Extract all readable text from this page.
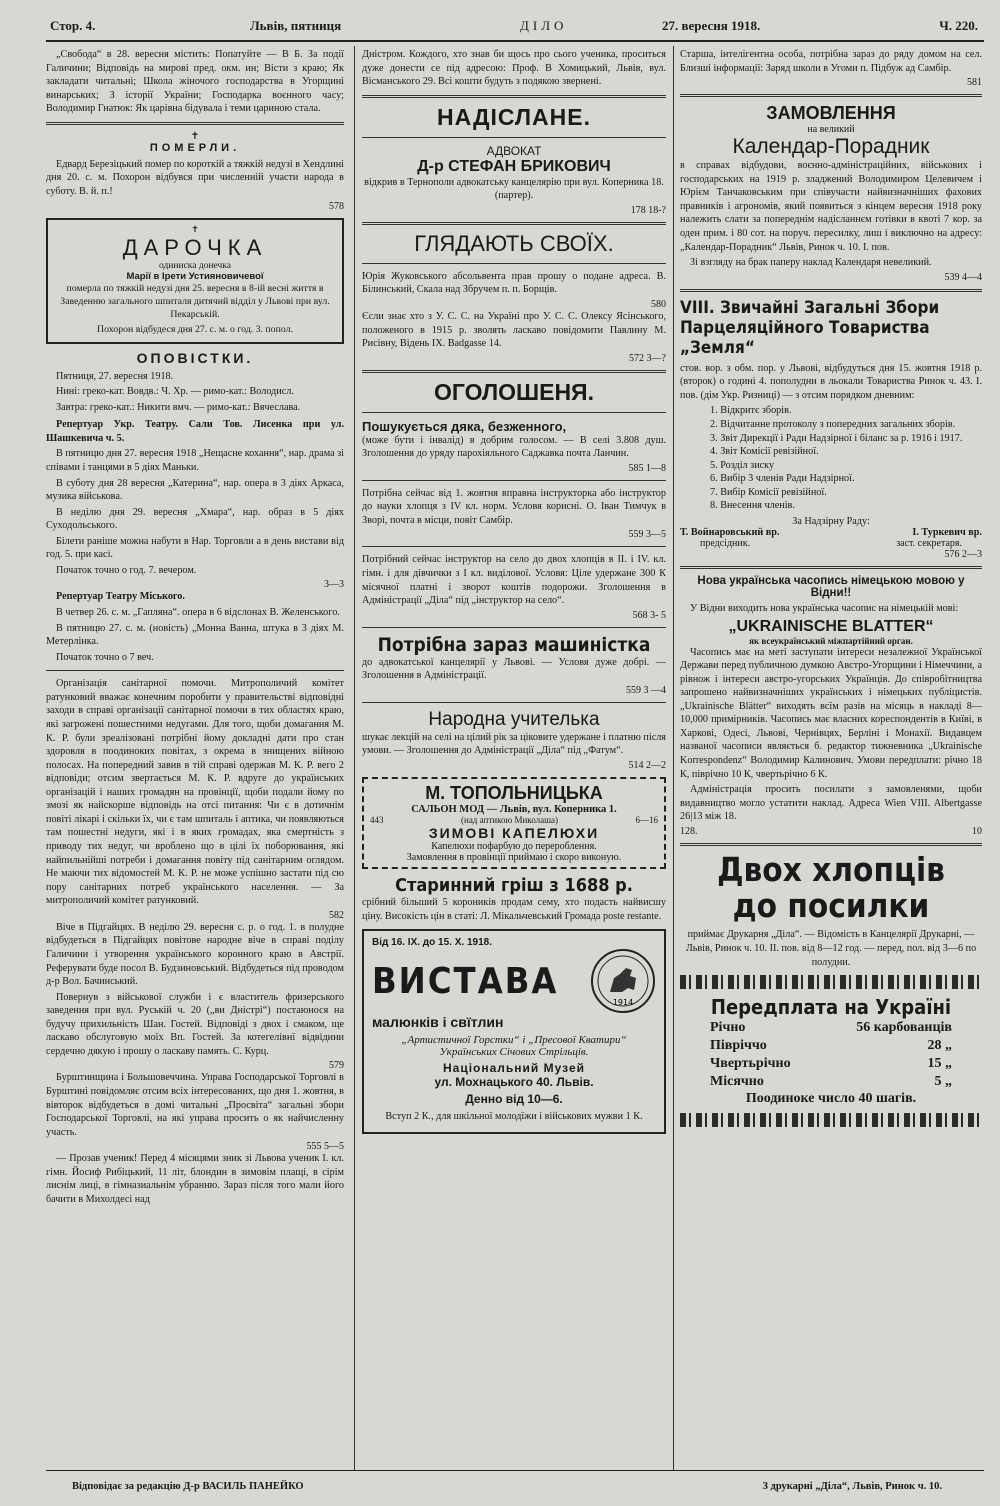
Стор. 4.	Львів, пятниця	ДІЛО	27. вересня 1918.	Ч. 220.

„Свобода“ в 28. вересня містить: Попатуйте — В Б. За події Галичини; Відповідь на мирові пред. окм. ин; Вісти з краю; Як закладати читальні; Школа жіночого господарства в Угорщині винарських; З історії України; Господарка воєнного часу; Володимир Гнатюк: Як царівна бідувала і теми цариною стала.

✝
ПОМЕРЛИ.

Едвард Березіцький помер по короткій а тяжкій недузі в Хендлині дня 20. с. м. Похорон відбувся при численній участи народа в суботу. В. й. п.!

578
✝
ДАРОЧКА
одиниска донечка
Марії в Ірети Устияновичевої

померла по тяжкій недузі дня 25. вересня в 8-ій весні життя в Заведенню загального шпиталя дитячий відділ у Львові при вул. Пекарській.

Похорон відбудеся дня 27. с. м. о год. 3. попол.

ОПОВІСТКИ.

Пятниця, 27. вересня 1918.

Нині: греко-кат. Вовдв.: Ч. Хр. — римо-кат.: Володисл.

Завтра: греко-кат.: Никити вмч. — римо-кат.: Вячеслава.

Репертуар Укр. Театру. Сали Тов. Лисенка при ул. Шашкевича ч. 5.

В пятницю дня 27. вересня 1918 „Нещасне кохання“, нар. драма зі співами і танцями в 5 діях Маньки.

В суботу дня 28 вересня „Катерина“, нар. опера в 3 діях Аркаса, музика військова.

В неділю дня 29. вересня „Хмара“, нар. образ в 5 діях Суходольського.

Білети раніше можна набути в Нар. Торговли а в день вистави від год. 5. при касі.

Початок точно о год. 7. вечером.

3—3

Репертуар Театру Міського.

В четвер 26. с. м. „Гапляна“. опера в 6 відслонах В. Желенського.

В пятницю 27. с. м. (новість) „Монна Ванна, штука в 3 діях М. Метерлінка.

Початок точно о 7 веч.

Організація санітарної помочи. Митрополичий комітет ратунковий вважає конечним поробити у правительстві відповідні заходи в справі організації санітарної помочи в тих областях краю, які загрожені пошестними недугами. Для того, щоби домагання М. К. Р. були зреалізовані потрібні йому докладні дати про стан здоровля в поодиноких повітах, з окрема в знищених війною полосах. На попередний завив в тій справі одержав М. К. Р. вего 2 відповіди; отсим звертається М. К. Р. вдруге до українських організацій і наших громадян на провінції, щоби подали йому по змозі як найскорше відповідь на отсі питання: Чи є в дотичнім повіті лікарі і скільки їх, чи є там шпиталь і аптика, чи появляються там пошестні недуги, які і в яких громадах, яка смертність з приводу тих недуг, чи вроблено що в цілі їх поборювання, які найпильнійші потреби і домагання повіту під санітарним оглядом. Не маючи тих відомостей М. К. Р. не може успішно застати під сю пору санітарних потреб українського населення. — За митрополичий комітет ратунковий.

582

Віче в Підгайцях. В неділю 29. вересня с. р. о год. 1. в полудне відбудеться в Підгайцях повітове народне віче в справі поділу Галичини і утворення українського коронного краю в Австрії. Реферувати буде посол В. Будзиновський. Відбудеться під проводом д-р Вол. Бачинський.

Повернув з військової служби і є властитель фризерського заведення при вул. Руській ч. 20 („ви Дністрі“) постаюнося на будучу прихильність Шан. Гостей. Відповіді з двох і смаком, ще ласкаво обслуговую моїх Вп. Гостей. За котегелівнї відвідини сердечно дякую і прошу о ласкаву память. С. Курц.

579

Бурштинщина і Большовеччина. Управа Господарської Торговлі в Бурштині повідомляє отсим всіх інтересованих, що дня 1. жовтня, в вівторок відбудеться в домі читальні „Просвіта“ загальні збори Господарської Торговлі, на які управа просить о як найчисленну участь.

555 5—5

— Прозав ученик! Перед 4 місяцями зник зі Львова ученик І. кл. гімн. Йосиф Рибіцький, 11 літ, блондин в зимовім плащі, в сірім лиснім лиці, в гімназиальнім убранню. Зараз після того мали його бачити в Михолдесі над

Дністром. Кождого, хто знав би щось про сього ученика, проситься дуже донести се під адресою: Проф. В Хомицький, Львів, вул. Вісманського 29. Всі кошти будуть з подякою звернені.

НАДІСЛАНЕ.
АДВОКАТ
Д-р СТЕФАН БРИКОВИЧ

відкрив в Тернополи адвокатську канцелярію при вул. Коперника 18. (партер).

178 18-?
ГЛЯДАЮТЬ СВОЇХ.

Юрія Жуковського абсольвента прав прошу о подане адреса. В. Білинський, Скала над Збручем п. п. Борщів.

580

Єсли знає хто з У. С. С. на Україні про У. С. С. Олексу Ясінського, положеного в 1915 р. зволять ласкаво повідомити Павлину М. Рисівну, Відень IX. Badgasse 14.

572 3—?
ОГОЛОШЕНЯ.
Пошукується дяка, безженного,

(може бути і інвалід) в добрим голосом. — В селі 3.808 душ. Зголошення до уряду парохіяльного Саджавка почта Ланчин.

585 1—8

Потрібна сейчас від 1. жовтня вправна інструкторка або інструктор до науки хлопця з IV кл. норм. Условя корисні. О. Іван Тимчук в Зворі, почта в місци, повіт Самбір.

559 3—5

Потрібний сейчас інструктор на село до двох хлопців в ІІ. і IV. кл. гімн. і для дівчички з I кл. виділової. Условя: Ціле удержане 300 К місячної платні і зворот коштів подорожи. Зголошення в Адміністрації „Діла“ під „інструктор на село“.

568 3- 5
Потрібна зараз машиністка

до адвокатської канцелярії у Львові. — Условя дуже добрі. — Зголошення в Адміністрації.

559 3 —4
Народна учителька

шукає лекцій на селі на цілий рік за ціковите удержане і платню після умови. — Зголошення до Адміністрації „Діла“ під „Фатум“.

514 2—2
М. ТОПОЛЬНИЦЬКА
САЛЬОН МОД — Львів, вул. Коперника 1.
443	(над аптикою Миколаша)	6—16
ЗИМОВІ КАПЕЛЮХИ
Капелюхи пофарбую до перероблення.
Замовлення в провінції приймаю і скоро виконую.
Старинний гріш з 1688 р.

срібний більший 5 короників продам сему, хто подасть найвисшу ціну. Високість цін в статі: Л. Мікальчевський Громада poste restante.

Від 16. IX. до 15. X. 1918.
ВИСТАВА
1914
малюнків і свїтлин
„Артистичної Горстки“ і „Пресової Кватири“
Українських Січових Стрільців.
Національний Музей
ул. Мохнацького 40. Львів.
Денно від 10—6.

Вступ 2 К., для шкільної молодїжи і військових мужви 1 К.

Старша, інтелігентна особа, потрібна зараз до ряду домом на сел. Близші інформації: Заряд школи в Угоми п. Підбуж ад Самбір.

581
ЗАМОВЛЕННЯ
на великий
Календар-Порадник

в справах відбудови, воєнно-адміністраційних, військових і господарських на 1919 р. зладжений Володимиром Целевичем і Юрієм Танчаковським при співучасти найвизначніших фахових правників і агрономів, який появиться з кінцем вересня 1918 року належить слати за попереднім надісланнєм готівки в квоті 7 кор. за оден прим. і 80 сот. на поруч. пересилку, лиш і виключно на адресу: „Календар-Порадник“ Львів, Ринок ч. 10. I. пов.

Зі взгляду на брак паперу наклад Календаря невеликий.

539 4—4
VIII. Звичайні Загальні Збори Парцеляційного Товариства „Земля“

стов. вор. з обм. пор. у Львові, відбудуться дня 15. жовтня 1918 р. (второк) о годині 4. пополудни в льокали Товариства Ринок ч. 43. I. пов. (дім Укр. Ризниці) — з отсим порядком дневним:

1. Відкритє зборів.
2. Відчитанне протоколу з попередних загальних зборів.
3. Звіт Дирекції і Ради Надзірної і біланс за р. 1916 і 1917.
4. Звіт Комісії ревізійної.
5. Розділ зиску
6. Вибір 3 членів Ради Надзірної.
7. Вибір Комісії ревізійної.
8. Внесення членів.
За Надзірну Раду:
Т. Войнаровський вр.	І. Туркевич вр.
предсідник.	заст. секретаря.
576 2—3
Нова українська часопись німецькою мовою у Відни!!

У Відни виходить нова українська часопис на німецькій мові:

„UKRAINISCHE BLATTER“
як всеукраїнський міжпартійний орган.

Часопись має на меті заступати інтереси незалежної Української Держави перед публичною думкою Австро-Угорщини і Німеччини, а рівнож і інтереси австро-угорських Українців. До співробітництва запрошено найвизначніших українських і німецьких публіцистів. „Ukrainische Blätter“ виходять всїм разів на місяць в накладі 8—10,000 примірників. Часопись має власних кореспондентів в Київі, в Харкові, Одесі, Львові, Чернівцях, Берліні і Монахії. Видавцем названої часописи являється б. редактор тижневника „Ukrainische Korrespondenz“ Володимир Калинович. Умови передплати: річно 18 К, піврічно 10 К, чвертьрічно 6 К.

Адміністрація просить посилати з замовленями, щоби видавництво могло устатити наклад. Адреса Wien VIII. Albertgasse 26|13 між 18.

128.	10
Двох хлопців
до посилки

приймає Друкарня „Діла“. — Відомість в Канцелярії Друкарні, — Львів, Ринок ч. 10. II. пов. від 8—12 год. — перед, пол. від 3—6 по полудни.

Передплата на Україні
Річно	56 карбованців
Півріччо	28 „
Чвертьрічно	15 „
Місячно	5 „
Поодиноке число 40 шагів.
Відповідає за редакцію Д-р ВАСИЛЬ ПАНЕЙКО	З друкарні „Діла“, Львів, Ринок ч. 10.
